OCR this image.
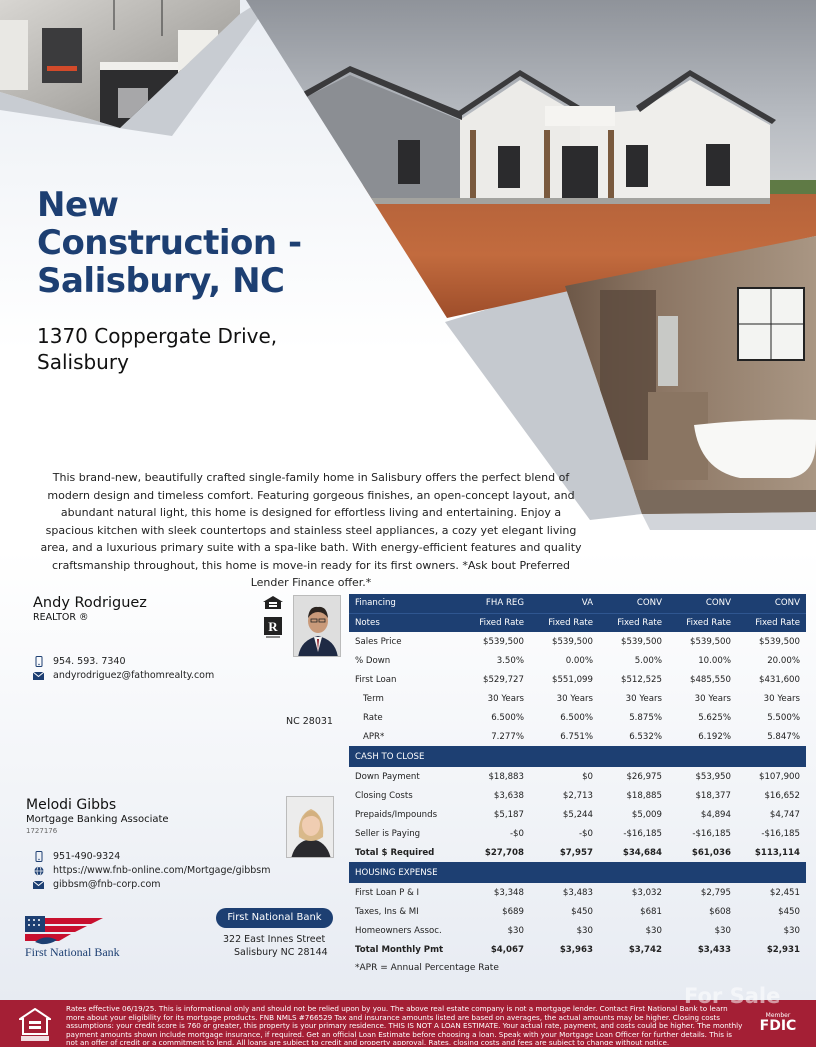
New Construction - Salisbury, NC
1370 Coppergate Drive, Salisbury
This brand-new, beautifully crafted single-family home in Salisbury offers the perfect blend of modern design and timeless comfort. Featuring gorgeous finishes, an open-concept layout, and abundant natural light, this home is designed for effortless living and entertaining. Enjoy a spacious kitchen with sleek countertops and stainless steel appliances, a cozy yet elegant living area, and a luxurious primary suite with a spa-like bath. With energy-efficient features and quality craftsmanship throughout, this home is move-in ready for its first owners. *Ask bout Preferred Lender Finance offer.*
Andy Rodriguez
REALTOR ®
954. 593. 7340
andyrodriguez@fathomrealty.com
NC 28031
R
Melodi Gibbs
Mortgage Banking Associate
1727176
951-490-9324
https://www.fnb-online.com/Mortgage/gibbsm
gibbsm@fnb-corp.com
First National Bank
First National Bank
322 East Innes Street
Salisbury NC 28144
Financing	FHA REG	VA	CONV	CONV	CONV
Notes	Fixed Rate	Fixed Rate	Fixed Rate	Fixed Rate	Fixed Rate
Sales Price	$539,500	$539,500	$539,500	$539,500	$539,500
% Down	3.50%	0.00%	5.00%	10.00%	20.00%
First Loan	$529,727	$551,099	$512,525	$485,550	$431,600
Term	30 Years	30 Years	30 Years	30 Years	30 Years
Rate	6.500%	6.500%	5.875%	5.625%	5.500%
APR*	7.277%	6.751%	6.532%	6.192%	5.847%
CASH TO CLOSE					
Down Payment	$18,883	$0	$26,975	$53,950	$107,900
Closing Costs	$3,638	$2,713	$18,885	$18,377	$16,652
Prepaids/Impounds	$5,187	$5,244	$5,009	$4,894	$4,747
Seller is Paying	-$0	-$0	-$16,185	-$16,185	-$16,185
Total $ Required	$27,708	$7,957	$34,684	$61,036	$113,114
HOUSING EXPENSE					
First Loan P & I	$3,348	$3,483	$3,032	$2,795	$2,451
Taxes, Ins & MI	$689	$450	$681	$608	$450
Homeowners Assoc.	$30	$30	$30	$30	$30
Total Monthly Pmt	$4,067	$3,963	$3,742	$3,433	$2,931
*APR = Annual Percentage Rate
Rates effective 06/19/25. This is informational only and should not be relied upon by you. The above real estate company is not a mortgage lender. Contact First National Bank to learn more about your eligibility for its mortgage products. FNB NMLS #766529 Tax and insurance amounts listed are based on averages, the actual amounts may be higher. Closing costs assumptions: your credit score is 760 or greater, this property is your primary residence. THIS IS NOT A LOAN ESTIMATE. Your actual rate, payment, and costs could be higher. The monthly payment amounts shown include mortgage insurance, if required. Get an official Loan Estimate before choosing a loan. Speak with your Mortgage Loan Officer for further details. This is not an offer of credit or a commitment to lend. All loans are subject to credit and property approval. Rates, closing costs and fees are subject to change without notice.
For Sale
Member
FDIC
